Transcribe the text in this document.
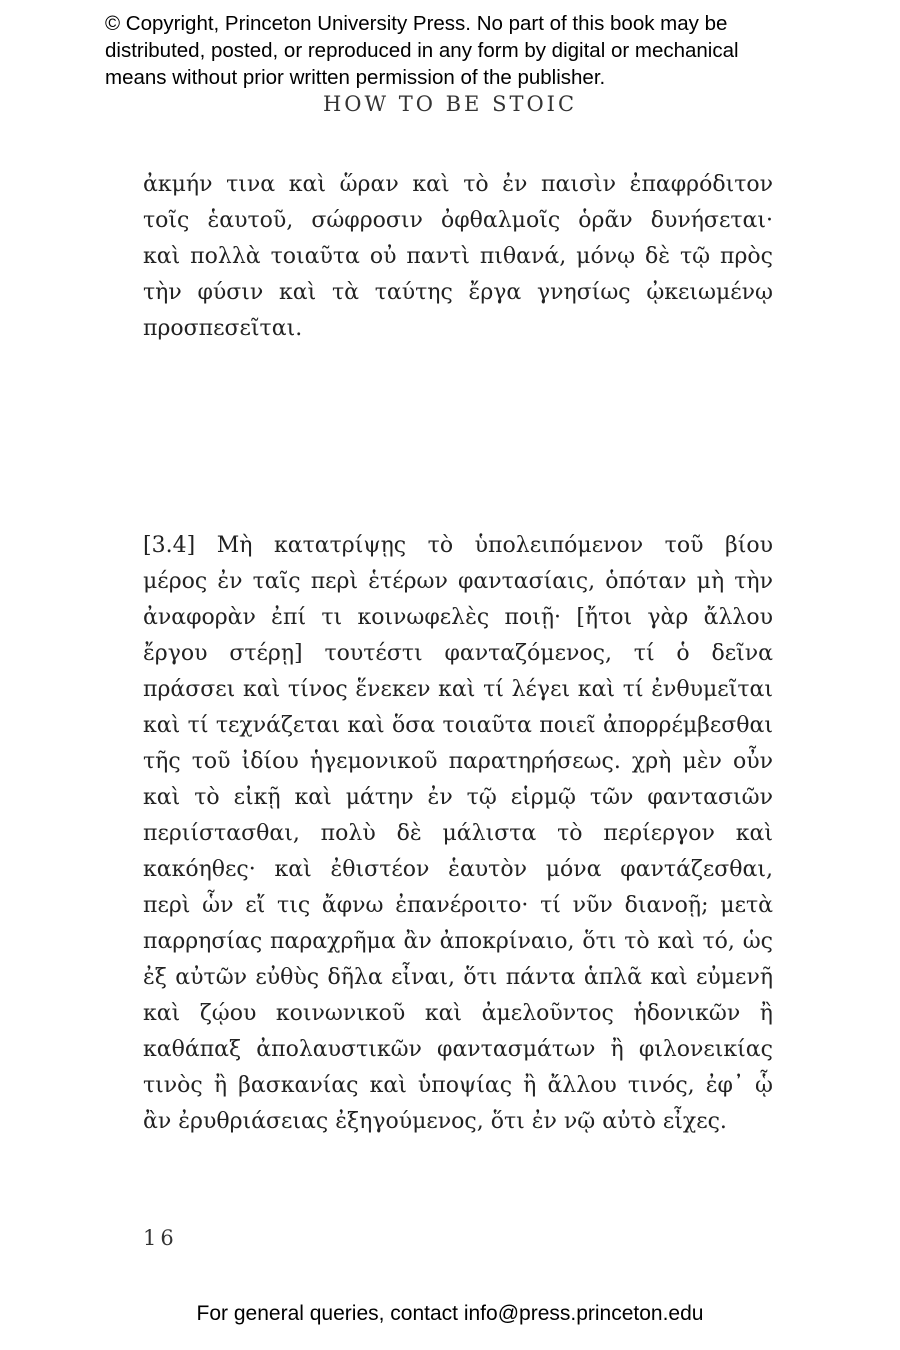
© Copyright, Princeton University Press. No part of this book may be
distributed, posted, or reproduced in any form by digital or mechanical
means without prior written permission of the publisher.
HOW TO BE STOIC
ἀκμήν τινα καὶ ὥραν καὶ τὸ ἐν παισὶν ἐπαφρόδιτον
τοῖς ἑαυτοῦ, σώφροσιν ὀφθαλμοῖς ὁρᾶν δυνήσεται·
καὶ πολλὰ τοιαῦτα οὐ παντὶ πιθανά, μόνῳ δὲ τῷ πρὸς
τὴν φύσιν καὶ τὰ ταύτης ἔργα γνησίως ᾠκειωμένῳ
προσπεσεῖται.
[3.4] Μὴ κατατρίψῃς τὸ ὑπολειπόμενον τοῦ βίου
μέρος ἐν ταῖς περὶ ἑτέρων φαντασίαις, ὁπόταν μὴ τὴν
ἀναφορὰν ἐπί τι κοινωφελὲς ποιῇ· [ἤτοι γὰρ ἄλλου
ἔργου στέρῃ] τουτέστι φανταζόμενος, τί ὁ δεῖνα
πράσσει καὶ τίνος ἕνεκεν καὶ τί λέγει καὶ τί ἐνθυμεῖται
καὶ τί τεχνάζεται καὶ ὅσα τοιαῦτα ποιεῖ ἀπορρέμβεσθαι
τῆς τοῦ ἰδίου ἡγεμονικοῦ παρατηρήσεως. χρὴ μὲν οὖν
καὶ τὸ εἰκῇ καὶ μάτην ἐν τῷ εἱρμῷ τῶν φαντασιῶν
περιίστασθαι, πολὺ δὲ μάλιστα τὸ περίεργον καὶ
κακόηθες· καὶ ἐθιστέον ἑαυτὸν μόνα φαντάζεσθαι,
περὶ ὧν εἴ τις ἄφνω ἐπανέροιτο· τί νῦν διανοῇ; μετὰ
παρρησίας παραχρῆμα ἂν ἀποκρίναιο, ὅτι τὸ καὶ τό, ὡς
ἐξ αὐτῶν εὐθὺς δῆλα εἶναι, ὅτι πάντα ἁπλᾶ καὶ εὐμενῆ
καὶ ζῴου κοινωνικοῦ καὶ ἀμελοῦντος ἡδονικῶν ἢ
καθάπαξ ἀπολαυστικῶν φαντασμάτων ἢ φιλονεικίας
τινὸς ἢ βασκανίας καὶ ὑποψίας ἢ ἄλλου τινός, ἐφ᾽ ᾧ
ἂν ἐρυθριάσειας ἐξηγούμενος, ὅτι ἐν νῷ αὐτὸ εἶχες.
16
For general queries, contact info@press.princeton.edu
